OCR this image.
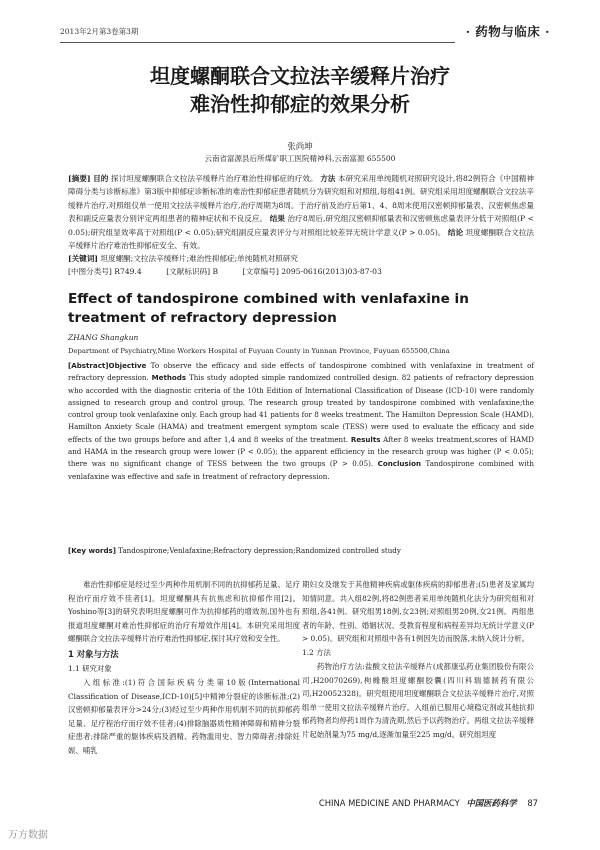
2013年2月第3卷第3期	· 药物与临床 ·
坦度螺酮联合文拉法辛缓释片治疗
难治性抑郁症的效果分析
张尚坤
云南省富源县后所煤矿职工医院精神科,云南富源 655500
[摘要] 目的 探讨坦度螺酮联合文拉法辛缓释片治疗难治性抑郁症的疗效。 方法 本研究采用单纯随机对照研究设计,将82例符合《中国精神障碍分类与诊断标准》第3版中抑郁症诊断标准的难治性抑郁症患者随机分为研究组和对照组,每组41例。研究组采用坦度螺酮联合文拉法辛缓释片治疗,对照组仅单一使用文拉法辛缓释片治疗,治疗周期为8周。于治疗前及治疗后第1、4、8周末使用汉密顿抑郁量表、汉密顿焦虑量表和副反应量表分别评定两组患者的精神症状和不良反应。 结果 治疗8周后,研究组汉密顿抑郁量表和汉密顿焦虑量表评分低于对照组(P < 0.05);研究组显效率高于对照组(P < 0.05);研究组副反应量表评分与对照组比较差异无统计学意义(P > 0.05)。 结论 坦度螺酮联合文拉法辛缓释片治疗难治性抑郁症安全、有效。
[关键词] 坦度螺酮;文拉法辛缓释片;难治性抑郁症;单纯随机对照研究
[中图分类号] R749.4	[文献标识码] B	[文章编号] 2095-0616(2013)03-87-03
Effect of tandospirone combined with venlafaxine in treatment of refractory depression
ZHANG Shangkun
Department of Psychiatry,Mine Workers Hospital of Fuyuan County in Yunnan Province, Fuyuan 655500,China
[Abstract]Objective To observe the efficacy and side effects of tandospirone combined with venlafaxine in treatment of refractory depression. Methods This study adopted simple randomized controlled design. 82 patients of refractory depression who accorded with the diagnostic criteria of the 10th Edition of International Classification of Disease (ICD-10) were randomly assigned to research group and control group. The research group treated by tandospirone combined with venlafaxine;the control group took venlafaxine only. Each group had 41 patients for 8 weeks treatment. The Hamilton Depression Scale (HAMD), Hamilton Anxiety Scale (HAMA) and treatment emergent symptom scale (TESS) were used to evaluate the efficacy and side effects of the two groups before and after 1,4 and 8 weeks of the treatment. Results After 8 weeks treatment,scores of HAMD and HAMA in the research group were lower (P < 0.05); the apparent efficiency in the research group was higher (P < 0.05); there was no significant change of TESS between the two groups (P > 0.05). Conclusion Tandospirone combined with venlafaxine was effective and safe in treatment of refractory depression.
[Key words] Tandospirone;Venlafaxine;Refractory depression;Randomized controlled study

难治性抑郁症是经过至少两种作用机制不同的抗抑郁药足量、足疗程治疗而疗效不佳者[1]。坦度螺酮具有抗焦虑和抗抑郁作用[2]。Yoshino等[3]的研究表明坦度螺酮可作为抗抑郁药的增效剂,国外也有报道坦度螺酮对难治性抑郁症的治疗有增效作用[4]。本研究采用坦度螺酮联合文拉法辛缓释片治疗难治性抑郁症,探讨其疗效和安全性。

1 对象与方法
1.1 研究对象

入组标准:(1)符合国际疾病分类第10版(International Classification of Disease,ICD-10)[5]中精神分裂症的诊断标准;(2)汉密顿抑郁量表评分>24分;(3)经过至少两种作用机制不同的抗抑郁药足量、足疗程治疗而疗效不佳者;(4)排除脑器质性精神障碍和精神分裂症患者;排除严重的躯体疾病及酒精、药物滥用史、智力障碍者;排除妊娠、哺乳

期妇女及继发于其他精神疾病或躯体疾病的抑郁患者;(5)患者及家属均知情同意。共入组82例,将82例患者采用单纯随机化法分为研究组和对照组,各41例。研究组男18例,女23例;对照组男20例,女21例。两组患者的年龄、性别、婚姻状况、受教育程度和病程差异均无统计学意义(P > 0.05)。研究组和对照组中各有1例因失访而脱落,未纳入统计分析。

1.2 方法

药物治疗方法:盐酸文拉法辛缓释片(成都康弘药业集团股份有限公司,H20070269),枸橼酸坦度螺酮胶囊(四川科瑞德制药有限公司,H20052328)。研究组使用坦度螺酮联合文拉法辛缓释片治疗,对照组单一使用文拉法辛缓释片治疗。入组前已服用心境稳定剂或其他抗抑郁药物者均停药1周作为清洗期,然后予以药物治疗。两组文拉法辛缓释片起始剂量为75 mg/d,逐渐加量至225 mg/d。研究组坦度

CHINA MEDICINE AND PHARMACY 中国医药科学 87
万方数据
